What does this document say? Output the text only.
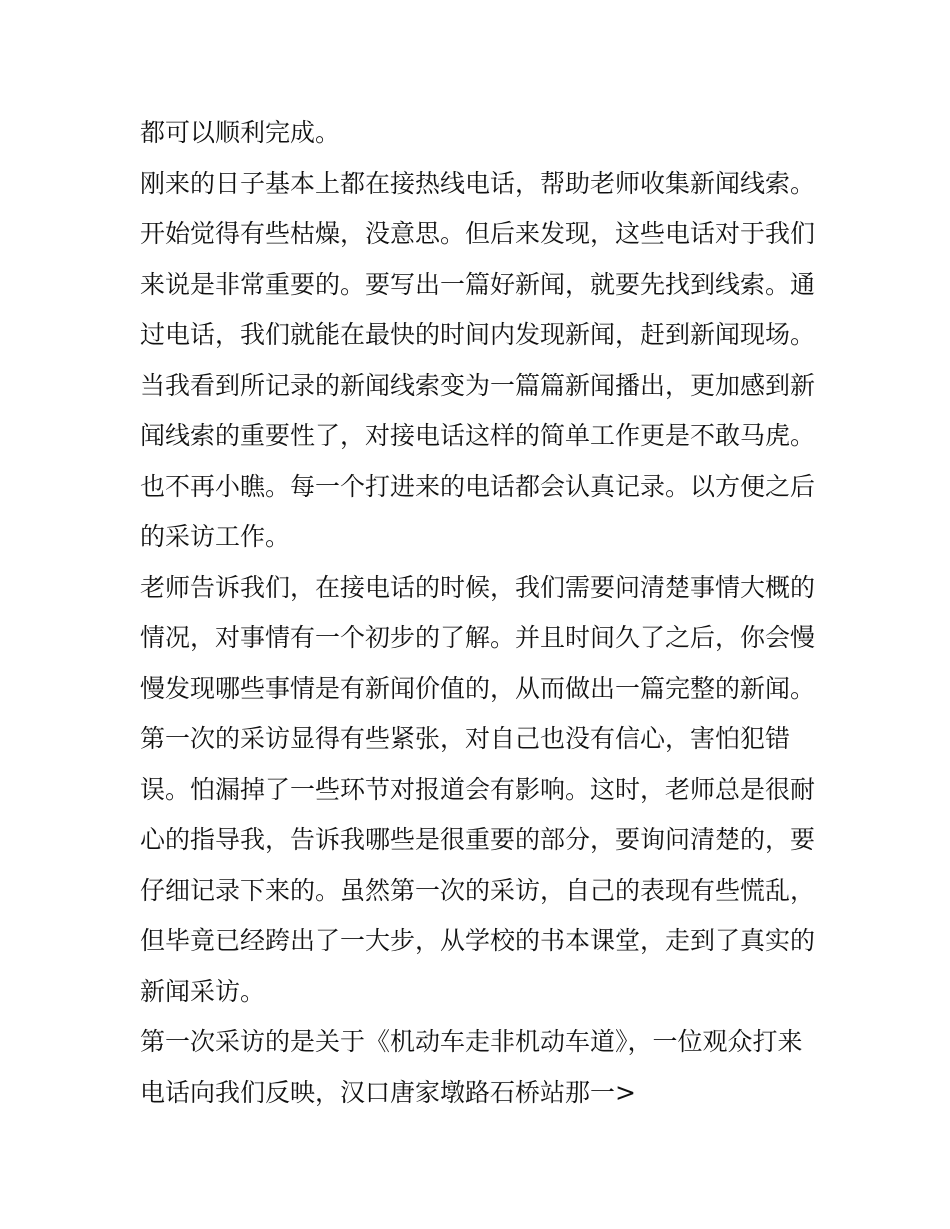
都可以顺利完成。
刚来的日子基本上都在接热线电话，帮助老师收集新闻线索。
开始觉得有些枯燥，没意思。但后来发现，这些电话对于我们
来说是非常重要的。要写出一篇好新闻，就要先找到线索。通
过电话，我们就能在最快的时间内发现新闻，赶到新闻现场。
当我看到所记录的新闻线索变为一篇篇新闻播出，更加感到新
闻线索的重要性了，对接电话这样的简单工作更是不敢马虎。
也不再小瞧。每一个打进来的电话都会认真记录。以方便之后
的采访工作。
老师告诉我们，在接电话的时候，我们需要问清楚事情大概的
情况，对事情有一个初步的了解。并且时间久了之后，你会慢
慢发现哪些事情是有新闻价值的，从而做出一篇完整的新闻。
第一次的采访显得有些紧张，对自己也没有信心，害怕犯错
误。怕漏掉了一些环节对报道会有影响。这时，老师总是很耐
心的指导我，告诉我哪些是很重要的部分，要询问清楚的，要
仔细记录下来的。虽然第一次的采访，自己的表现有些慌乱，
但毕竟已经跨出了一大步，从学校的书本课堂，走到了真实的
新闻采访。
第一次采访的是关于《机动车走非机动车道》，一位观众打来
电话向我们反映，汉口唐家墩路石桥站那一>
